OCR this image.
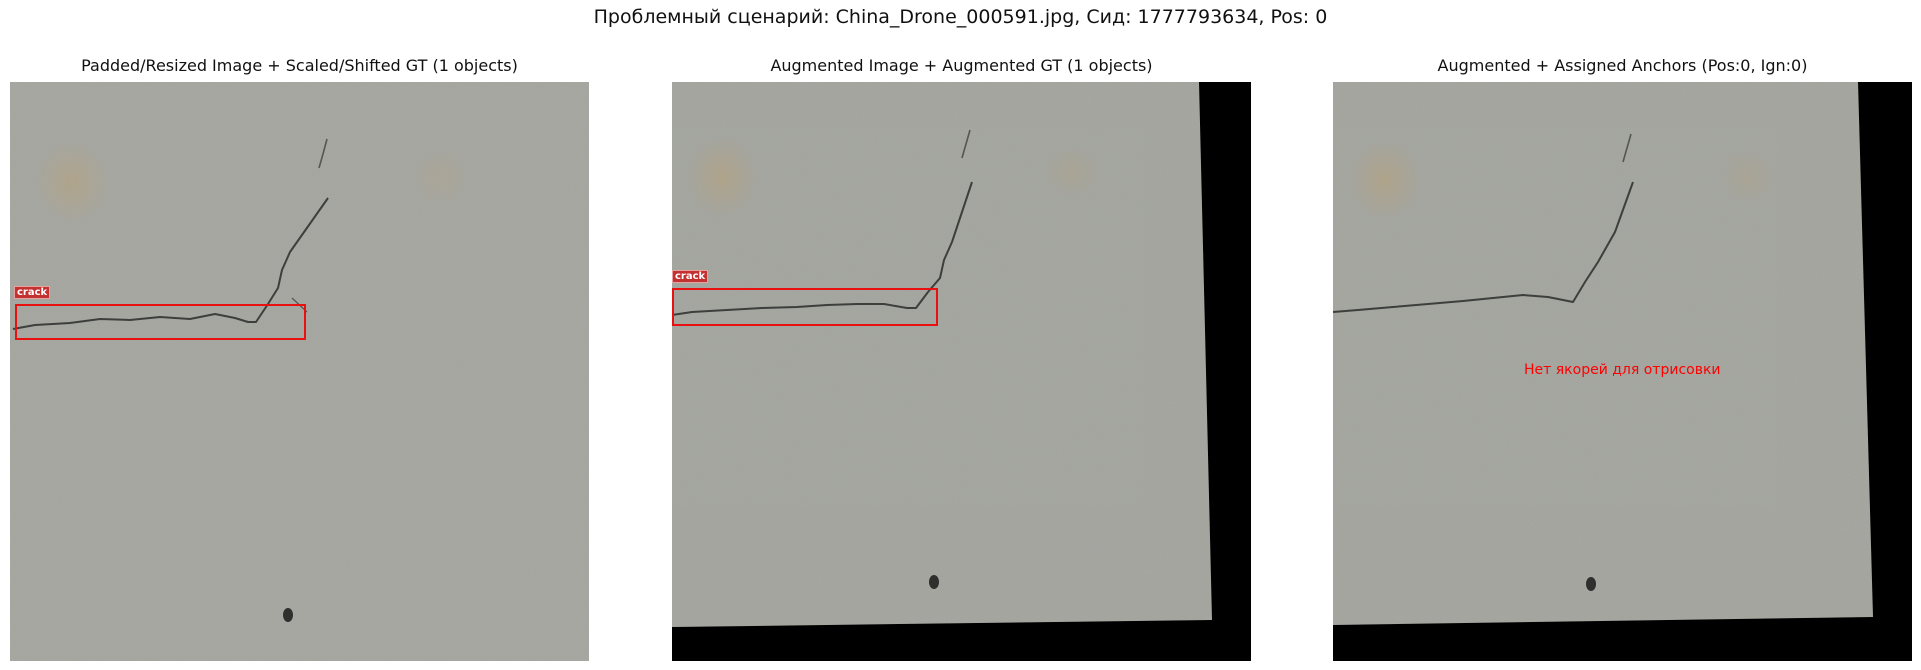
Проблемный сценарий: China_Drone_000591.jpg, Сид: 1777793634, Pos: 0
Padded/Resized Image + Scaled/Shifted GT (1 objects)
crack
Augmented Image + Augmented GT (1 objects)
crack
Augmented + Assigned Anchors (Pos:0, Ign:0)
Нет якорей для отрисовки
